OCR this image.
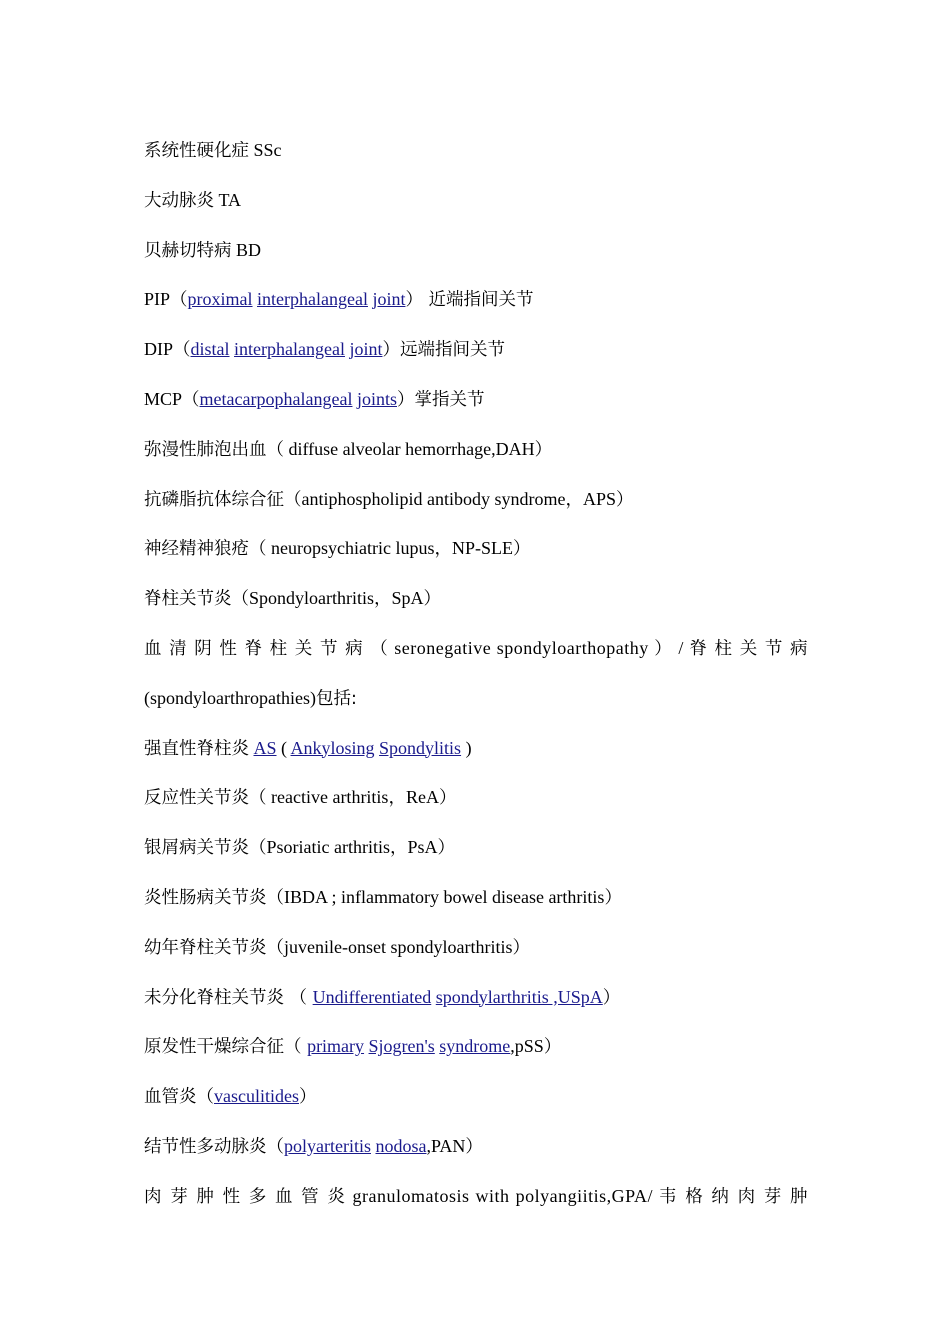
系统性硬化症 SSc
大动脉炎 TA
贝赫切特病 BD
PIP（proximal interphalangeal joint） 近端指间关节
DIP（distal interphalangeal joint）远端指间关节
MCP（metacarpophalangeal joints）掌指关节
弥漫性肺泡出血（ diffuse alveolar hemorrhage,DAH）
抗磷脂抗体综合征（antiphospholipid antibody syndrome，APS）
神经精神狼疮（ neuropsychiatric lupus，NP-SLE）
脊柱关节炎（Spondyloarthritis，SpA）
血 清 阴 性 脊 柱 关 节 病 （ seronegative spondyloarthopathy ） / 脊 柱 关 节 病
(spondyloarthropathies)包括:
强直性脊柱炎 AS ( Ankylosing Spondylitis )
反应性关节炎（ reactive arthritis，ReA）
银屑病关节炎（Psoriatic arthritis，PsA）
炎性肠病关节炎（IBDA ; inflammatory bowel disease arthritis）
幼年脊柱关节炎（juvenile-onset spondyloarthritis）
未分化脊柱关节炎 （ Undifferentiated spondylarthritis ,USpA）
原发性干燥综合征（ primary Sjogren's syndrome,pSS）
血管炎（vasculitides）
结节性多动脉炎（polyarteritis nodosa,PAN）
肉 芽 肿 性 多 血 管 炎 granulomatosis with polyangiitis,GPA/ 韦 格 纳 肉 芽 肿
